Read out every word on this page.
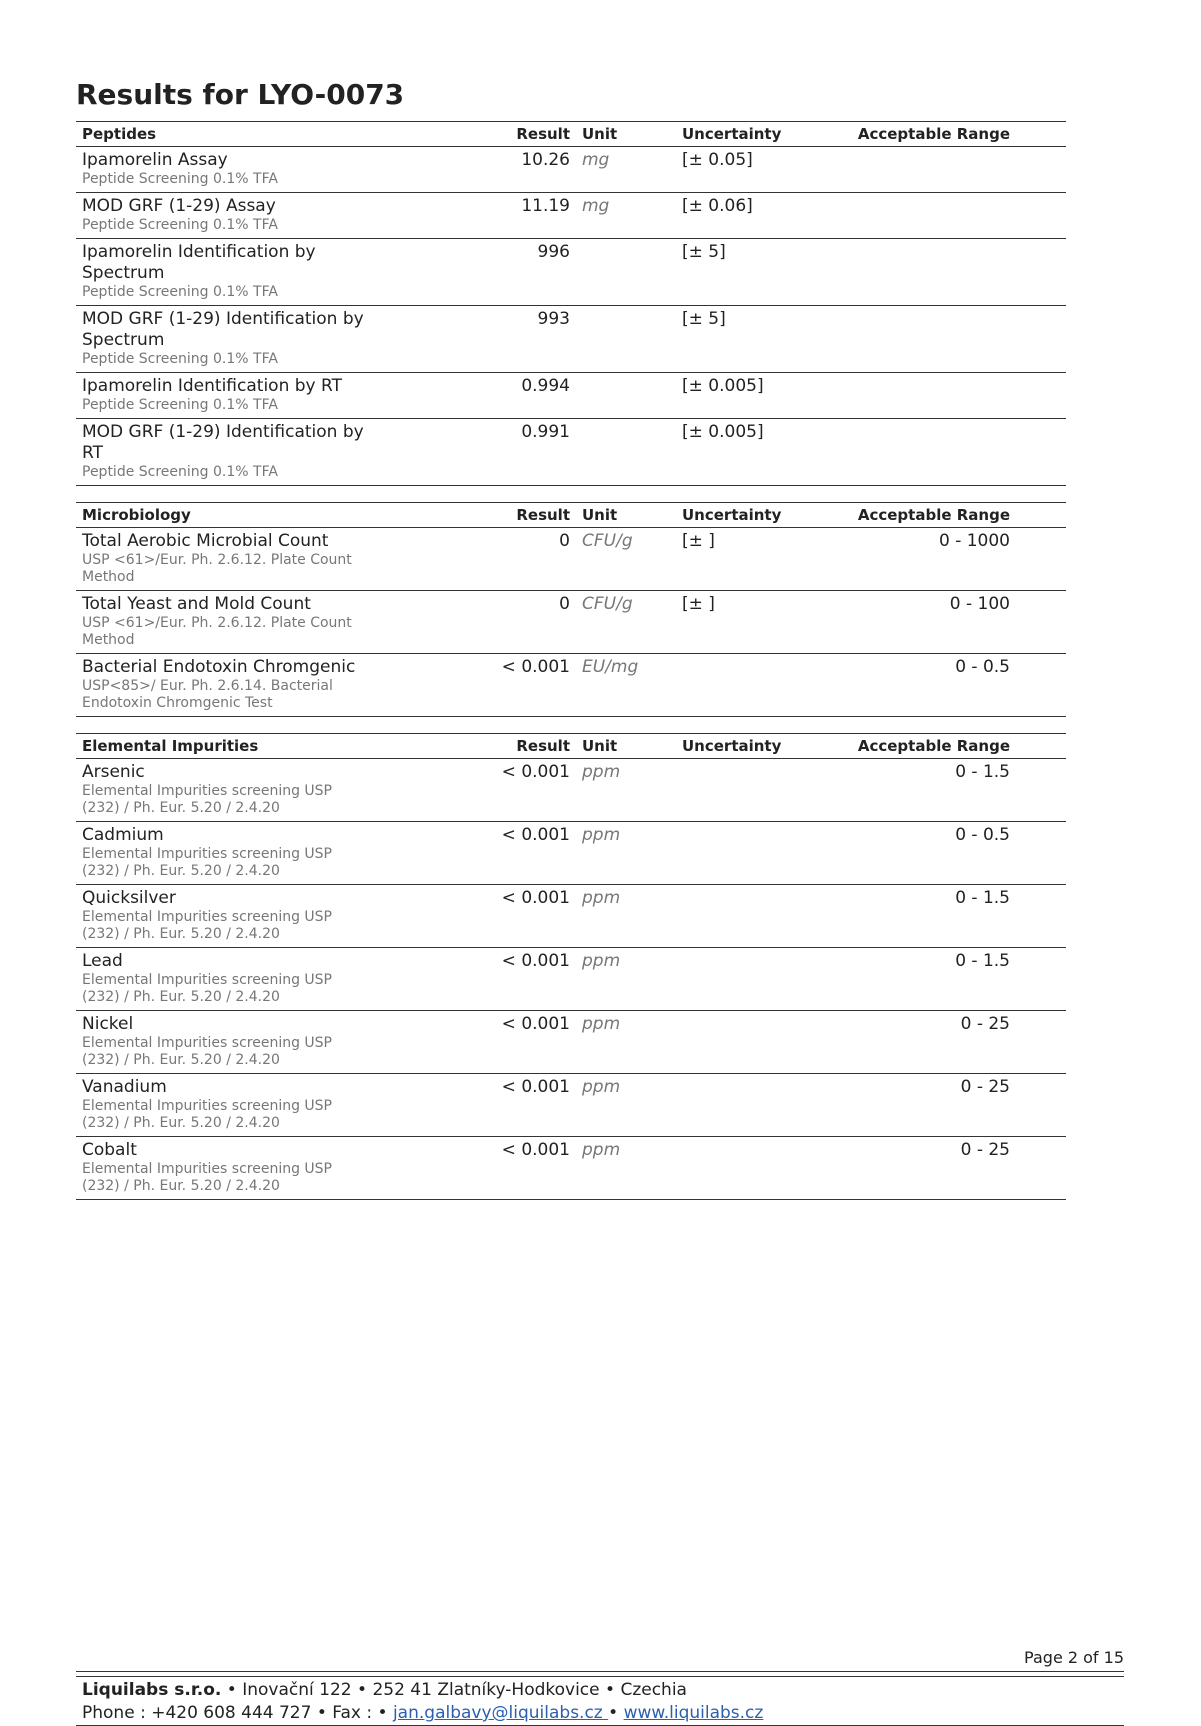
Results for LYO-0073
Peptides	Result	Unit	Uncertainty	Acceptable Range	

Ipamorelin Assay
Peptide Screening 0.1% TFA	10.26	mg	[± 0.05]		

MOD GRF (1-29) Assay
Peptide Screening 0.1% TFA	11.19	mg	[± 0.06]		

Ipamorelin Identification by Spectrum
Peptide Screening 0.1% TFA	996		[± 5]		

MOD GRF (1-29) Identification by Spectrum
Peptide Screening 0.1% TFA	993		[± 5]		

Ipamorelin Identification by RT
Peptide Screening 0.1% TFA	0.994		[± 0.005]		

MOD GRF (1-29) Identification by RT
Peptide Screening 0.1% TFA	0.991		[± 0.005]		
Microbiology	Result	Unit	Uncertainty	Acceptable Range	

Total Aerobic Microbial Count
USP <61>/Eur. Ph. 2.6.12. Plate Count Method	0	CFU/g	[± ]	0 - 1000	

Total Yeast and Mold Count
USP <61>/Eur. Ph. 2.6.12. Plate Count Method	0	CFU/g	[± ]	0 - 100	

Bacterial Endotoxin Chromgenic
USP<85>/ Eur. Ph. 2.6.14. Bacterial Endotoxin Chromgenic Test	< 0.001	EU/mg		0 - 0.5	
Elemental Impurities	Result	Unit	Uncertainty	Acceptable Range	

Arsenic
Elemental Impurities screening USP (232) / Ph. Eur. 5.20 / 2.4.20	< 0.001	ppm		0 - 1.5	

Cadmium
Elemental Impurities screening USP (232) / Ph. Eur. 5.20 / 2.4.20	< 0.001	ppm		0 - 0.5	

Quicksilver
Elemental Impurities screening USP (232) / Ph. Eur. 5.20 / 2.4.20	< 0.001	ppm		0 - 1.5	

Lead
Elemental Impurities screening USP (232) / Ph. Eur. 5.20 / 2.4.20	< 0.001	ppm		0 - 1.5	

Nickel
Elemental Impurities screening USP (232) / Ph. Eur. 5.20 / 2.4.20	< 0.001	ppm		0 - 25	

Vanadium
Elemental Impurities screening USP (232) / Ph. Eur. 5.20 / 2.4.20	< 0.001	ppm		0 - 25	

Cobalt
Elemental Impurities screening USP (232) / Ph. Eur. 5.20 / 2.4.20	< 0.001	ppm		0 - 25	
Page 2 of 15
Liquilabs s.r.o. • Inovační 122 • 252 41 Zlatníky-Hodkovice • Czechia
Phone : +420 608 444 727 • Fax : • jan.galbavy@liquilabs.cz • www.liquilabs.cz
